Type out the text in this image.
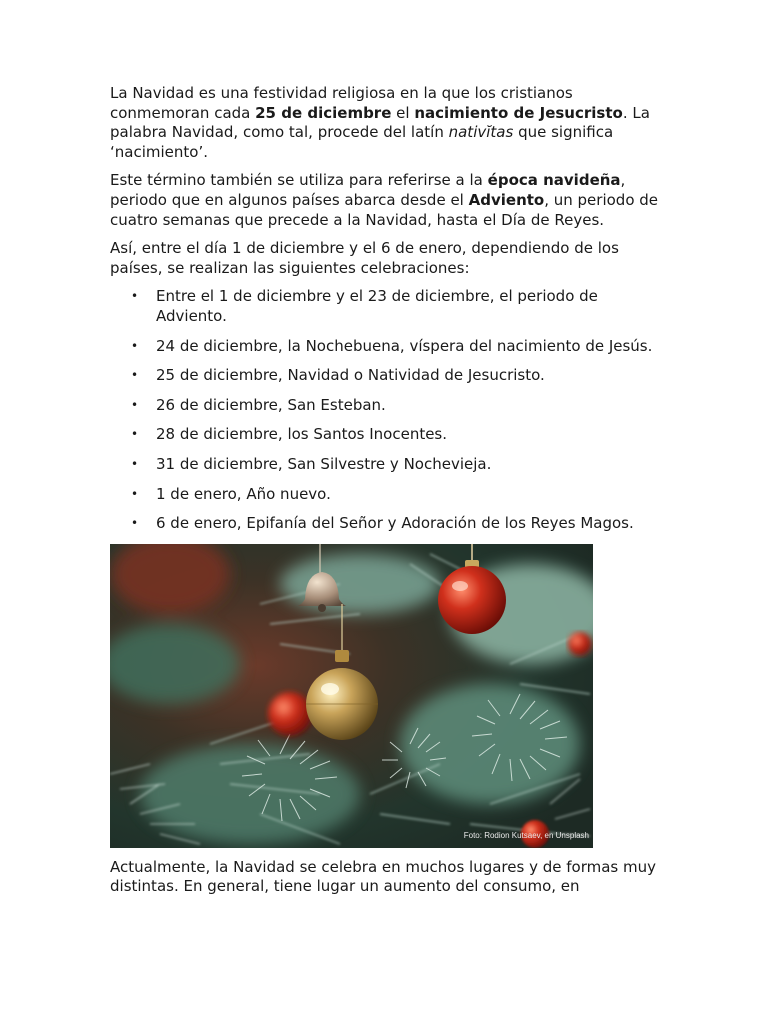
La Navidad es una festividad religiosa en la que los cristianos conmemoran cada 25 de diciembre el nacimiento de Jesucristo. La palabra Navidad, como tal, procede del latín nativĭtas que significa ‘nacimiento’.

Este término también se utiliza para referirse a la época navideña, periodo que en algunos países abarca desde el Adviento, un periodo de cuatro semanas que precede a la Navidad, hasta el Día de Reyes.

Así, entre el día 1 de diciembre y el 6 de enero, dependiendo de los países, se realizan las siguientes celebraciones:

• Entre el 1 de diciembre y el 23 de diciembre, el periodo de Adviento.
• 24 de diciembre, la Nochebuena, víspera del nacimiento de Jesús.
• 25 de diciembre, Navidad o Natividad de Jesucristo.
• 26 de diciembre, San Esteban.
• 28 de diciembre, los Santos Inocentes.
• 31 de diciembre, San Silvestre y Nochevieja.
• 1 de enero, Año nuevo.
• 6 de enero, Epifanía del Señor y Adoración de los Reyes Magos.
Foto: Rodion Kutsaev, en Unsplash

Actualmente, la Navidad se celebra en muchos lugares y de formas muy distintas. En general, tiene lugar un aumento del consumo, en
